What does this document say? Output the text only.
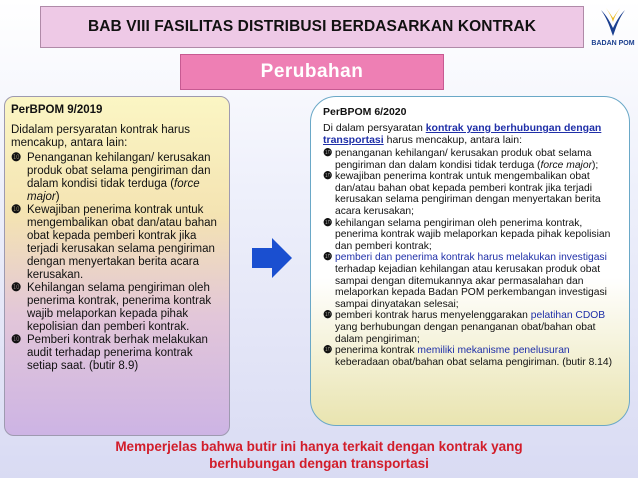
BAB VIII FASILITAS DISTRIBUSI BERDASARKAN KONTRAK
BADAN POM
Perubahan
PerBPOM 9/2019
Didalam persyaratan kontrak harus mencakup, antara lain:
❿ Penanganan kehilangan/ kerusakan produk obat selama pengiriman dan dalam kondisi tidak terduga (force major)
❿ Kewajiban penerima kontrak untuk mengembalikan obat dan/atau bahan obat kepada pemberi kontrak jika terjadi kerusakan selama pengiriman dengan menyertakan berita acara kerusakan.
❿ Kehilangan selama pengiriman oleh penerima kontrak, penerima kontrak wajib melaporkan kepada pihak kepolisian dan pemberi kontrak.
❿ Pemberi kontrak berhak melakukan audit terhadap penerima kontrak setiap saat. (butir 8.9)
PerBPOM 6/2020
Di dalam persyaratan kontrak yang berhubungan dengan transportasi harus mencakup, antara lain:
❿ penanganan kehilangan/ kerusakan produk obat selama pengiriman dan dalam kondisi tidak terduga (force major);
❿ kewajiban penerima kontrak untuk mengembalikan obat dan/atau bahan obat kepada pemberi kontrak jika terjadi kerusakan selama pengiriman dengan menyertakan berita acara kerusakan;
❿ kehilangan selama pengiriman oleh penerima kontrak, penerima kontrak wajib melaporkan kepada pihak kepolisian dan pemberi kontrak;
❿ pemberi dan penerima kontrak harus melakukan investigasi terhadap kejadian kehilangan atau kerusakan produk obat sampai dengan ditemukannya akar permasalahan dan melaporkan kepada Badan POM perkembangan investigasi sampai dinyatakan selesai;
❿ pemberi kontrak harus menyelenggarakan pelatihan CDOB yang berhubungan dengan penanganan obat/bahan obat dalam pengiriman;
❿ penerima kontrak memiliki mekanisme penelusuran keberadaan obat/bahan obat selama pengiriman. (butir 8.14)
Memperjelas bahwa butir ini hanya terkait dengan kontrak yang
berhubungan dengan transportasi
